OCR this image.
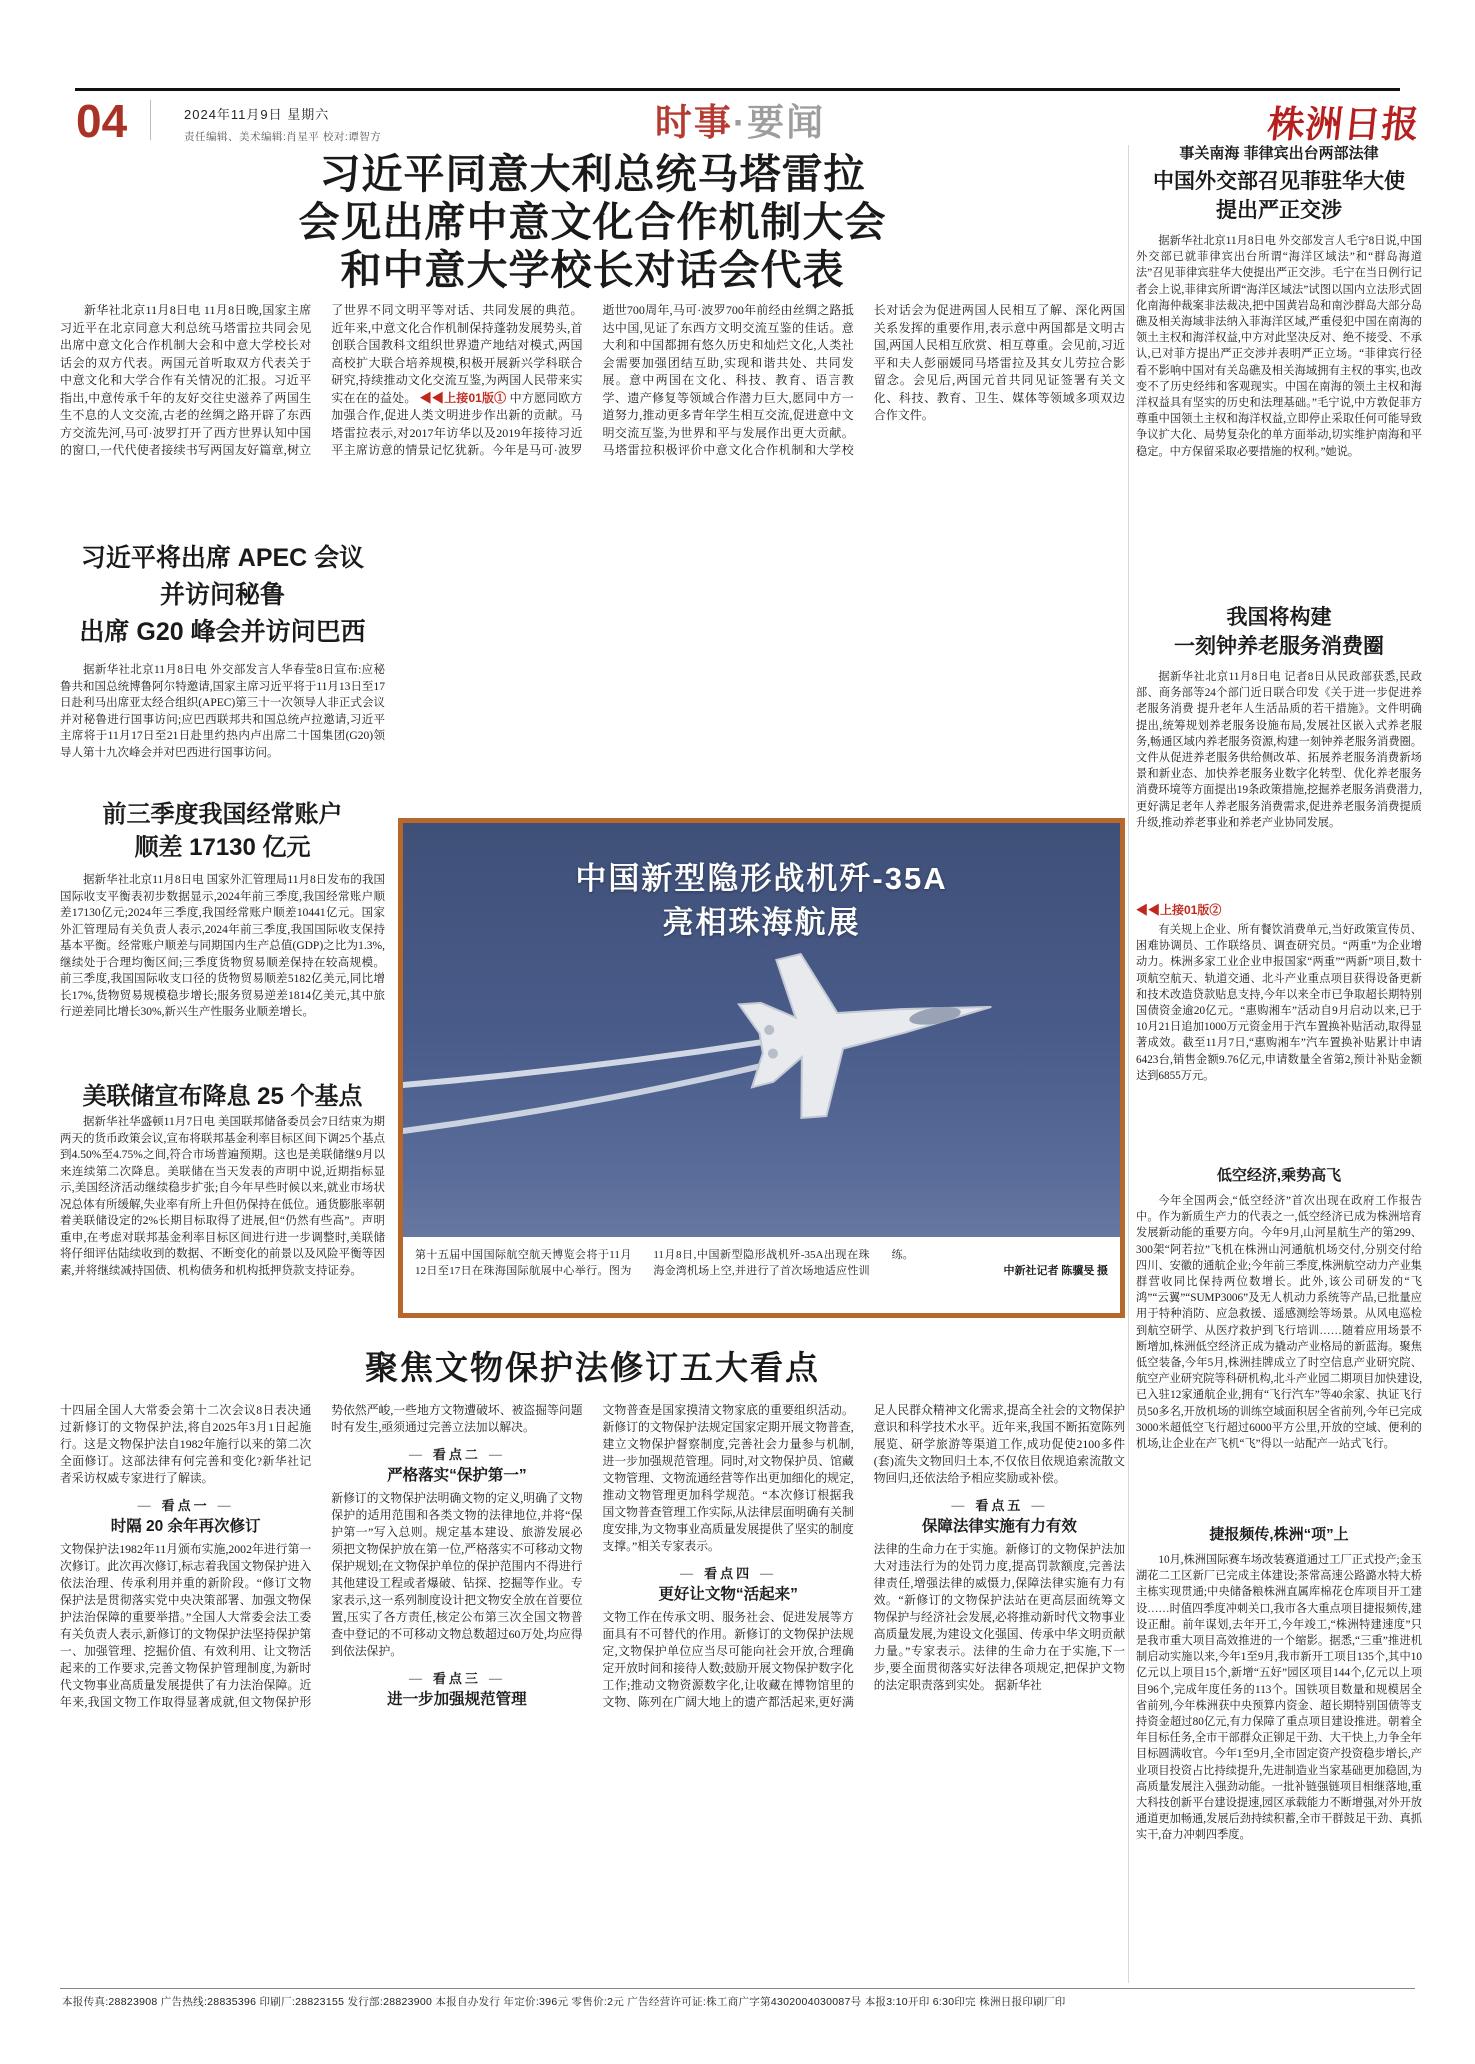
04	2024年11月9日 星期六
责任编辑、美术编辑:肖星平 校对:谭智方	时事·要闻	株洲日报
习近平同意大利总统马塔雷拉
会见出席中意文化合作机制大会
和中意大学校长对话会代表
新华社北京11月8日电 11月8日晚,国家主席习近平在北京同意大利总统马塔雷拉共同会见出席中意文化合作机制大会和中意大学校长对话会的双方代表。两国元首听取双方代表关于中意文化和大学合作有关情况的汇报。习近平指出,中意传承千年的友好交往史滋养了两国生生不息的人文交流,古老的丝绸之路开辟了东西方交流先河,马可·波罗打开了西方世界认知中国的窗口,一代代使者接续书写两国友好篇章,树立了世界不同文明平等对话、共同发展的典范。近年来,中意文化合作机制保持蓬勃发展势头,首创联合国教科文组织世界遗产地结对模式,两国高校扩大联合培养规模,积极开展新兴学科联合研究,持续推动文化交流互鉴,为两国人民带来实实在在的益处。 ◀◀上接01版① 中方愿同欧方加强合作,促进人类文明进步作出新的贡献。马塔雷拉表示,对2017年访华以及2019年接待习近平主席访意的情景记忆犹新。今年是马可·波罗逝世700周年,马可·波罗700年前经由丝绸之路抵达中国,见证了东西方文明交流互鉴的佳话。意大利和中国都拥有悠久历史和灿烂文化,人类社会需要加强团结互助,实现和谐共处、共同发展。意中两国在文化、科技、教育、语言教学、遗产修复等领域合作潜力巨大,愿同中方一道努力,推动更多青年学生相互交流,促进意中文明交流互鉴,为世界和平与发展作出更大贡献。马塔雷拉积极评价中意文化合作机制和大学校长对话会为促进两国人民相互了解、深化两国关系发挥的重要作用,表示意中两国都是文明古国,两国人民相互欣赏、相互尊重。会见前,习近平和夫人彭丽媛同马塔雷拉及其女儿劳拉合影留念。会见后,两国元首共同见证签署有关文化、科技、教育、卫生、媒体等领域多项双边合作文件。
习近平将出席 APEC 会议
并访问秘鲁
出席 G20 峰会并访问巴西
据新华社北京11月8日电 外交部发言人华春莹8日宣布:应秘鲁共和国总统博鲁阿尔特邀请,国家主席习近平将于11月13日至17日赴利马出席亚太经合组织(APEC)第三十一次领导人非正式会议并对秘鲁进行国事访问;应巴西联邦共和国总统卢拉邀请,习近平主席将于11月17日至21日赴里约热内卢出席二十国集团(G20)领导人第十九次峰会并对巴西进行国事访问。
前三季度我国经常账户
顺差 17130 亿元
据新华社北京11月8日电 国家外汇管理局11月8日发布的我国国际收支平衡表初步数据显示,2024年前三季度,我国经常账户顺差17130亿元;2024年三季度,我国经常账户顺差10441亿元。国家外汇管理局有关负责人表示,2024年前三季度,我国国际收支保持基本平衡。经常账户顺差与同期国内生产总值(GDP)之比为1.3%,继续处于合理均衡区间;三季度货物贸易顺差保持在较高规模。前三季度,我国国际收支口径的货物贸易顺差5182亿美元,同比增长17%,货物贸易规模稳步增长;服务贸易逆差1814亿美元,其中旅行逆差同比增长30%,新兴生产性服务业顺差增长。
美联储宣布降息 25 个基点
据新华社华盛顿11月7日电 美国联邦储备委员会7日结束为期两天的货币政策会议,宣布将联邦基金利率目标区间下调25个基点到4.50%至4.75%之间,符合市场普遍预期。这也是美联储继9月以来连续第二次降息。美联储在当天发表的声明中说,近期指标显示,美国经济活动继续稳步扩张;自今年早些时候以来,就业市场状况总体有所缓解,失业率有所上升但仍保持在低位。通货膨胀率朝着美联储设定的2%长期目标取得了进展,但“仍然有些高”。声明重申,在考虑对联邦基金利率目标区间进行进一步调整时,美联储将仔细评估陆续收到的数据、不断变化的前景以及风险平衡等因素,并将继续减持国债、机构债务和机构抵押贷款支持证券。
中国新型隐形战机歼-35A
亮相珠海航展
第十五届中国国际航空航天博览会将于11月12日至17日在珠海国际航展中心举行。图为11月8日,中国新型隐形战机歼-35A出现在珠海金湾机场上空,并进行了首次场地适应性训练。
中新社记者 陈骥旻 摄
聚焦文物保护法修订五大看点
十四届全国人大常委会第十二次会议8日表决通过新修订的文物保护法,将自2025年3月1日起施行。这是文物保护法自1982年施行以来的第二次全面修订。这部法律有何完善和变化?新华社记者采访权威专家进行了解读。
— 看点一 —
时隔 20 余年再次修订
文物保护法1982年11月颁布实施,2002年进行第一次修订。此次再次修订,标志着我国文物保护进入依法治理、传承利用并重的新阶段。“修订文物保护法是贯彻落实党中央决策部署、加强文物保护法治保障的重要举措。”全国人大常委会法工委有关负责人表示,新修订的文物保护法坚持保护第一、加强管理、挖掘价值、有效利用、让文物活起来的工作要求,完善文物保护管理制度,为新时代文物事业高质量发展提供了有力法治保障。近年来,我国文物工作取得显著成就,但文物保护形势依然严峻,一些地方文物遭破坏、被盗掘等问题时有发生,亟须通过完善立法加以解决。
— 看点二 —
严格落实“保护第一”
新修订的文物保护法明确文物的定义,明确了文物保护的适用范围和各类文物的法律地位,并将“保护第一”写入总则。规定基本建设、旅游发展必须把文物保护放在第一位,严格落实不可移动文物保护规划;在文物保护单位的保护范围内不得进行其他建设工程或者爆破、钻探、挖掘等作业。专家表示,这一系列制度设计把文物安全放在首要位置,压实了各方责任,核定公布第三次全国文物普查中登记的不可移动文物总数超过60万处,均应得到依法保护。
— 看点三 —
进一步加强规范管理
文物普查是国家摸清文物家底的重要组织活动。新修订的文物保护法规定国家定期开展文物普查,建立文物保护督察制度,完善社会力量参与机制,进一步加强规范管理。同时,对文物保护员、馆藏文物管理、文物流通经营等作出更加细化的规定,推动文物管理更加科学规范。“本次修订根据我国文物普查管理工作实际,从法律层面明确有关制度安排,为文物事业高质量发展提供了坚实的制度支撑。”相关专家表示。
— 看点四 —
更好让文物“活起来”
文物工作在传承文明、服务社会、促进发展等方面具有不可替代的作用。新修订的文物保护法规定,文物保护单位应当尽可能向社会开放,合理确定开放时间和接待人数;鼓励开展文物保护数字化工作;推动文物资源数字化,让收藏在博物馆里的文物、陈列在广阔大地上的遗产都活起来,更好满足人民群众精神文化需求,提高全社会的文物保护意识和科学技术水平。近年来,我国不断拓宽陈列展览、研学旅游等渠道工作,成功促使2100多件(套)流失文物回归土本,不仅依目依规追索流散文物回归,还依法给予相应奖励或补偿。
— 看点五 —
保障法律实施有力有效
法律的生命力在于实施。新修订的文物保护法加大对违法行为的处罚力度,提高罚款额度,完善法律责任,增强法律的威慑力,保障法律实施有力有效。“新修订的文物保护法站在更高层面统筹文物保护与经济社会发展,必将推动新时代文物事业高质量发展,为建设文化强国、传承中华文明贡献力量。”专家表示。法律的生命力在于实施,下一步,要全面贯彻落实好法律各项规定,把保护文物的法定职责落到实处。 据新华社
事关南海 菲律宾出台两部法律
中国外交部召见菲驻华大使
提出严正交涉
据新华社北京11月8日电 外交部发言人毛宁8日说,中国外交部已就菲律宾出台所谓“海洋区域法”和“群岛海道法”召见菲律宾驻华大使提出严正交涉。毛宁在当日例行记者会上说,菲律宾所谓“海洋区域法”试图以国内立法形式固化南海仲裁案非法裁决,把中国黄岩岛和南沙群岛大部分岛礁及相关海域非法纳入菲海洋区域,严重侵犯中国在南海的领土主权和海洋权益,中方对此坚决反对、绝不接受、不承认,已对菲方提出严正交涉并表明严正立场。“菲律宾行径看不影响中国对有关岛礁及相关海域拥有主权的事实,也改变不了历史经纬和客观现实。中国在南海的领土主权和海洋权益具有坚实的历史和法理基础。”毛宁说,中方敦促菲方尊重中国领土主权和海洋权益,立即停止采取任何可能导致争议扩大化、局势复杂化的单方面举动,切实维护南海和平稳定。中方保留采取必要措施的权利。”她说。
我国将构建
一刻钟养老服务消费圈
据新华社北京11月8日电 记者8日从民政部获悉,民政部、商务部等24个部门近日联合印发《关于进一步促进养老服务消费 提升老年人生活品质的若干措施》。文件明确提出,统筹规划养老服务设施布局,发展社区嵌入式养老服务,畅通区域内养老服务资源,构建一刻钟养老服务消费圈。文件从促进养老服务供给侧改革、拓展养老服务消费新场景和新业态、加快养老服务业数字化转型、优化养老服务消费环境等方面提出19条政策措施,挖掘养老服务消费潜力,更好满足老年人养老服务消费需求,促进养老服务消费提质升级,推动养老事业和养老产业协同发展。
◀◀上接01版②
有关规上企业、所有餐饮消费单元,当好政策宣传员、困难协调员、工作联络员、调查研究员。“两重”为企业增动力。株洲多家工业企业申报国家“两重”“两新”项目,数十项航空航天、轨道交通、北斗产业重点项目获得设备更新和技术改造贷款贴息支持,今年以来全市已争取超长期特别国债资金逾20亿元。“惠购湘车”活动自9月启动以来,已于10月21日追加1000万元资金用于汽车置换补贴活动,取得显著成效。截至11月7日,“惠购湘车”汽车置换补贴累计申请6423台,销售金额9.76亿元,申请数量全省第2,预计补贴金额达到6855万元。
低空经济,乘势高飞
今年全国两会,“低空经济”首次出现在政府工作报告中。作为新质生产力的代表之一,低空经济已成为株洲培育发展新动能的重要方向。今年9月,山河星航生产的第299、300架“阿若拉”飞机在株洲山河通航机场交付,分别交付给四川、安徽的通航企业;今年前三季度,株洲航空动力产业集群营收同比保持两位数增长。此外,该公司研发的“飞鸿”“云翼”“SUMP3006”及无人机动力系统等产品,已批量应用于特种消防、应急救援、遥感测绘等场景。从风电巡检到航空研学、从医疗救护到飞行培训……随着应用场景不断增加,株洲低空经济正成为撬动产业格局的新蓝海。聚焦低空装备,今年5月,株洲挂牌成立了时空信息产业研究院、航空产业研究院等科研机构,北斗产业园二期项目加快建设,已入驻12家通航企业,拥有“飞行汽车”等40余家、执证飞行员50多名,开放机场的训练空域面积居全省前列,今年已完成3000米超低空飞行超过6000平方公里,开放的空域、便利的机场,让企业在产飞机“飞”得以一站配产一站式飞行。
捷报频传,株洲“项”上
10月,株洲国际赛车场改装赛道通过工厂正式投产;金玉湖花二工区新厂已完成主体建设;茶常高速公路潞水特大桥主栋实现贯通;中央储备粮株洲直属库棉花仓库项目开工建设……时值四季度冲刺关口,我市各大重点项目捷报频传,建设正酣。前年谋划,去年开工,今年竣工,“株洲特建速度”只是我市重大项目高效推进的一个缩影。据悉,“三重”推进机制启动实施以来,今年1至9月,我市新开工项目135个,其中10亿元以上项目15个,新增“五好”园区项目144个,亿元以上项目96个,完成年度任务的113个。国铁项目数量和规模居全省前列,今年株洲获中央预算内资金、超长期特别国债等支持资金超过80亿元,有力保障了重点项目建设推进。朝着全年目标任务,全市干部群众正铆足干劲、大干快上,力争全年目标圆满收官。今年1至9月,全市固定资产投资稳步增长,产业项目投资占比持续提升,先进制造业当家基础更加稳固,为高质量发展注入强劲动能。一批补链强链项目相继落地,重大科技创新平台建设提速,园区承载能力不断增强,对外开放通道更加畅通,发展后劲持续积蓄,全市干群鼓足干劲、真抓实干,奋力冲刺四季度。
本报传真:28823908 广告热线:28835396 印刷厂:28823155 发行部:28823900 本报自办发行 年定价:396元 零售价:2元 广告经营许可证:株工商广字第4302004030087号 本报3:10开印 6:30印完 株洲日报印刷厂印
